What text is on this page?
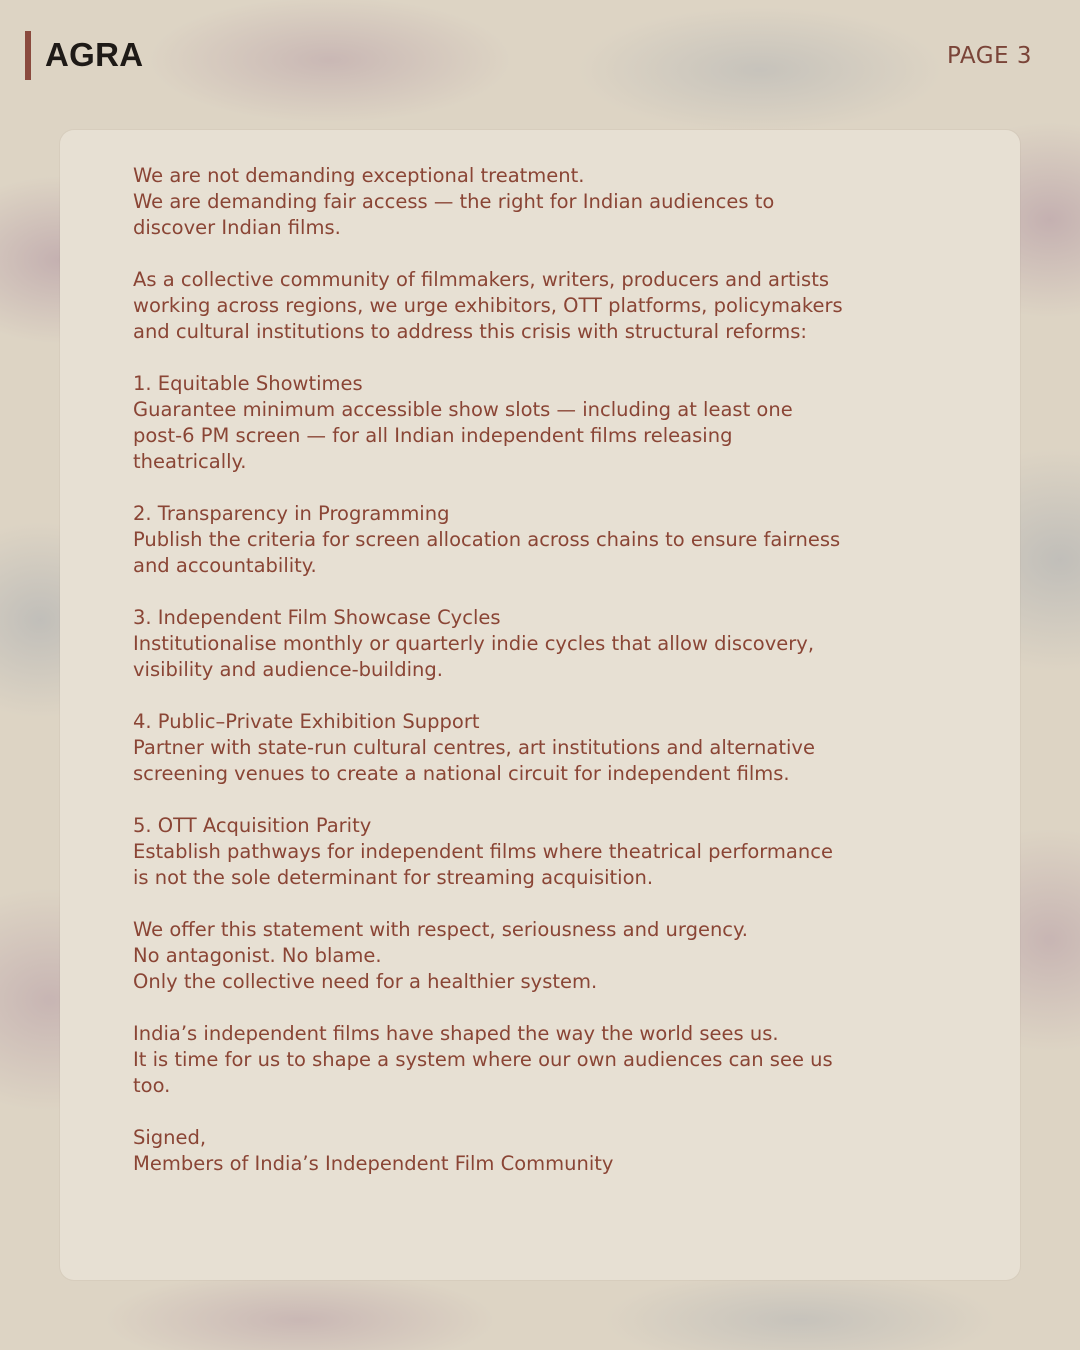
AGRA	PAGE 3
We are not demanding exceptional treatment.
We are demanding fair access — the right for Indian audiences to
discover Indian films.
As a collective community of filmmakers, writers, producers and artists
working across regions, we urge exhibitors, OTT platforms, policymakers
and cultural institutions to address this crisis with structural reforms:
1. Equitable Showtimes
Guarantee minimum accessible show slots — including at least one
post-6 PM screen — for all Indian independent films releasing
theatrically.
2. Transparency in Programming
Publish the criteria for screen allocation across chains to ensure fairness
and accountability.
3. Independent Film Showcase Cycles
Institutionalise monthly or quarterly indie cycles that allow discovery,
visibility and audience-building.
4. Public–Private Exhibition Support
Partner with state-run cultural centres, art institutions and alternative
screening venues to create a national circuit for independent films.
5. OTT Acquisition Parity
Establish pathways for independent films where theatrical performance
is not the sole determinant for streaming acquisition.
We offer this statement with respect, seriousness and urgency.
No antagonist. No blame.
Only the collective need for a healthier system.
India’s independent films have shaped the way the world sees us.
It is time for us to shape a system where our own audiences can see us
too.
Signed,
Members of India’s Independent Film Community
